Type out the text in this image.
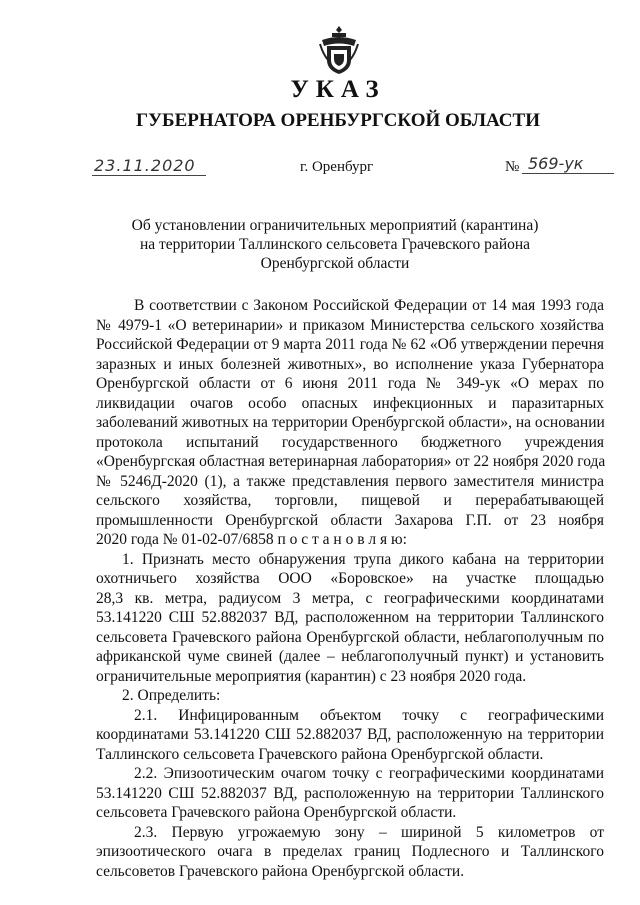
УКАЗ
ГУБЕРНАТОРА ОРЕНБУРГСКОЙ ОБЛАСТИ
23.11.2020	г. Оренбург	№ 569-ук
Об установлении ограничительных мероприятий (карантина)
на территории Таллинского сельсовета Грачевского района
Оренбургской области
В соответствии с Законом Российской Федерации от 14 мая 1993 года
№ 4979-1 «О ветеринарии» и приказом Министерства сельского хозяйства
Российской Федерации от 9 марта 2011 года № 62 «Об утверждении перечня
заразных и иных болезней животных», во исполнение указа Губернатора
Оренбургской области от 6 июня 2011 года № 349-ук «О мерах по
ликвидации очагов особо опасных инфекционных и паразитарных
заболеваний животных на территории Оренбургской области», на основании
протокола испытаний государственного бюджетного учреждения
«Оренбургская областная ветеринарная лаборатория» от 22 ноября 2020 года
№ 5246Д-2020 (1), а также представления первого заместителя министра
сельского хозяйства, торговли, пищевой и перерабатывающей
промышленности Оренбургской области Захарова Г.П. от 23 ноября
2020 года № 01-02-07/6858 п о с т а н о в л я ю:
1. Признать место обнаружения трупа дикого кабана на территории
охотничьего хозяйства ООО «Боровское» на участке площадью
28,3 кв. метра, радиусом 3 метра, с географическими координатами
53.141220 СШ 52.882037 ВД, расположенном на территории Таллинского
сельсовета Грачевского района Оренбургской области, неблагополучным по
африканской чуме свиней (далее – неблагополучный пункт) и установить
ограничительные мероприятия (карантин) с 23 ноября 2020 года.
2. Определить:
2.1. Инфицированным объектом точку с географическими
координатами 53.141220 СШ 52.882037 ВД, расположенную на территории
Таллинского сельсовета Грачевского района Оренбургской области.
2.2. Эпизоотическим очагом точку с географическими координатами
53.141220 СШ 52.882037 ВД, расположенную на территории Таллинского
сельсовета Грачевского района Оренбургской области.
2.3. Первую угрожаемую зону – шириной 5 километров от
эпизоотического очага в пределах границ Подлесного и Таллинского
сельсоветов Грачевского района Оренбургской области.
